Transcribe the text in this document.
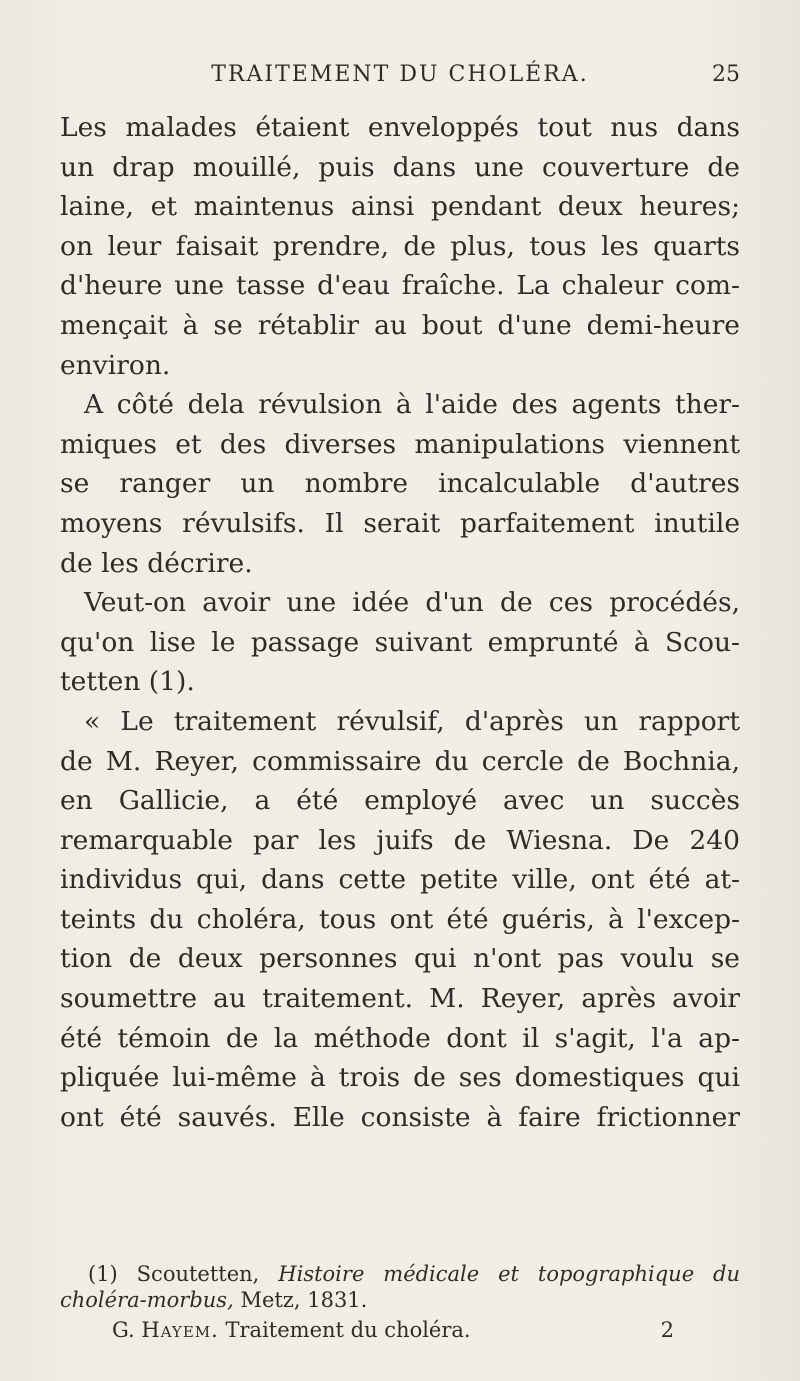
TRAITEMENT DU CHOLÉRA.	25
Les malades étaient enveloppés tout nus dans
un drap mouillé, puis dans une couverture de
laine, et maintenus ainsi pendant deux heures;
on leur faisait prendre, de plus, tous les quarts
d'heure une tasse d'eau fraîche. La chaleur com-
mençait à se rétablir au bout d'une demi-heure
environ.
A côté dela révulsion à l'aide des agents ther-
miques et des diverses manipulations viennent
se ranger un nombre incalculable d'autres
moyens révulsifs. Il serait parfaitement inutile
de les décrire.
Veut-on avoir une idée d'un de ces procédés,
qu'on lise le passage suivant emprunté à Scou-
tetten (1).
« Le traitement révulsif, d'après un rapport
de M. Reyer, commissaire du cercle de Bochnia,
en Gallicie, a été employé avec un succès
remarquable par les juifs de Wiesna. De 240
individus qui, dans cette petite ville, ont été at-
teints du choléra, tous ont été guéris, à l'excep-
tion de deux personnes qui n'ont pas voulu se
soumettre au traitement. M. Reyer, après avoir
été témoin de la méthode dont il s'agit, l'a ap-
pliquée lui-même à trois de ses domestiques qui
ont été sauvés. Elle consiste à faire frictionner
(1) Scoutetten, Histoire médicale et topographique du
choléra-morbus, Metz, 1831.
G. Hayem. Traitement du choléra.	2
